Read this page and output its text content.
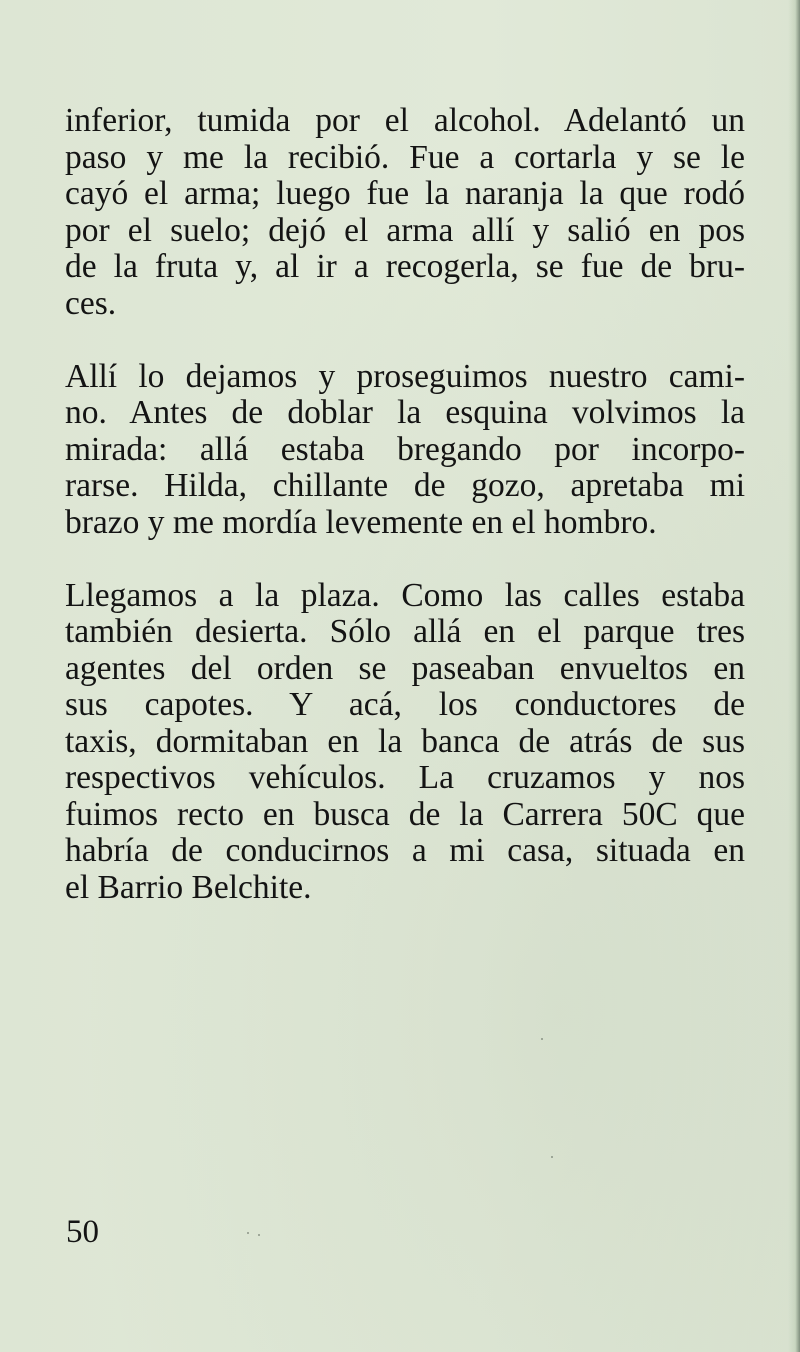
inferior, tumida por el alcohol. Adelantó un
paso y me la recibió. Fue a cortarla y se le
cayó el arma; luego fue la naranja la que rodó
por el suelo; dejó el arma allí y salió en pos
de la fruta y, al ir a recogerla, se fue de bru-
ces.

Allí lo dejamos y proseguimos nuestro cami-
no. Antes de doblar la esquina volvimos la
mirada: allá estaba bregando por incorpo-
rarse. Hilda, chillante de gozo, apretaba mi
brazo y me mordía levemente en el hombro.

Llegamos a la plaza. Como las calles estaba
también desierta. Sólo allá en el parque tres
agentes del orden se paseaban envueltos en
sus capotes. Y acá, los conductores de
taxis, dormitaban en la banca de atrás de sus
respectivos vehículos. La cruzamos y nos
fuimos recto en busca de la Carrera 50C que
habría de conducirnos a mi casa, situada en
el Barrio Belchite.

50
